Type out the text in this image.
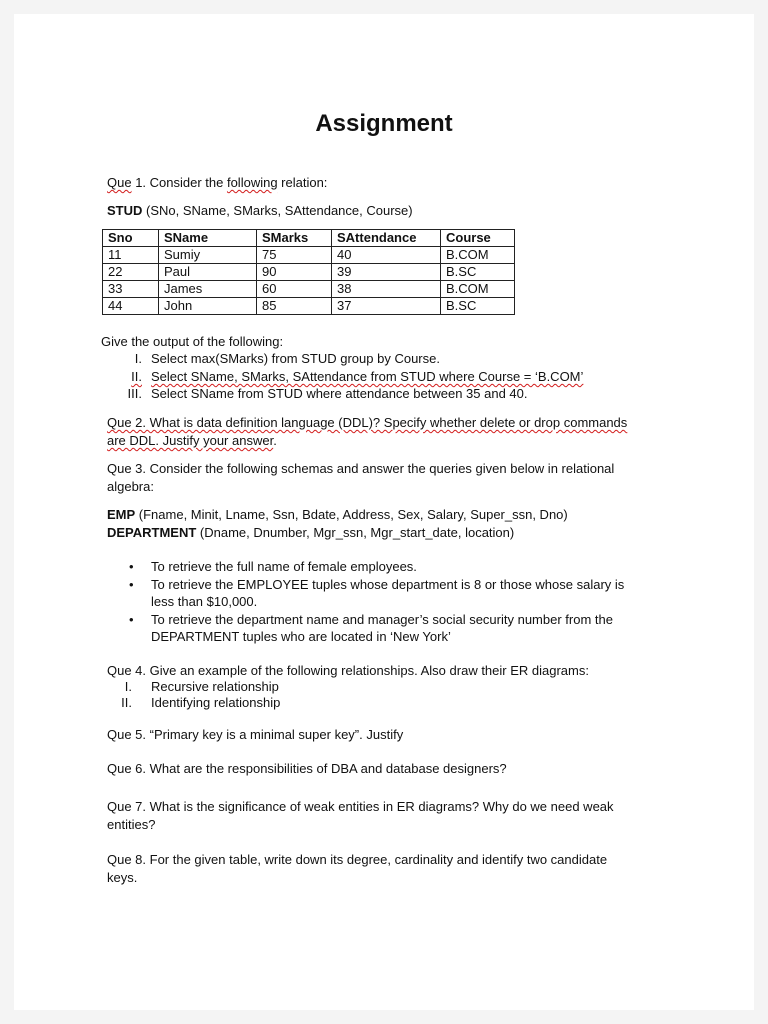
Assignment
Que 1. Consider the following relation:
STUD (SNo, SName, SMarks, SAttendance, Course)
Sno	SName	SMarks	SAttendance	Course
11	Sumiy	75	40	B.COM
22	Paul	90	39	B.SC
33	James	60	38	B.COM
44	John	85	37	B.SC
Give the output of the following:
I. Select max(SMarks) from STUD group by Course.
II. Select SName, SMarks, SAttendance from STUD where Course = ‘B.COM’
III. Select SName from STUD where attendance between 35 and 40.
Que 2. What is data definition language (DDL)? Specify whether delete or drop commands
are DDL. Justify your answer.
Que 3. Consider the following schemas and answer the queries given below in relational
algebra:
EMP (Fname, Minit, Lname, Ssn, Bdate, Address, Sex, Salary, Super_ssn, Dno)
DEPARTMENT (Dname, Dnumber, Mgr_ssn, Mgr_start_date, location)
• To retrieve the full name of female employees.
• To retrieve the EMPLOYEE tuples whose department is 8 or those whose salary is
less than $10,000.
• To retrieve the department name and manager’s social security number from the
DEPARTMENT tuples who are located in ‘New York’
Que 4. Give an example of the following relationships. Also draw their ER diagrams:
I. Recursive relationship
II. Identifying relationship
Que 5. “Primary key is a minimal super key”. Justify
Que 6. What are the responsibilities of DBA and database designers?
Que 7. What is the significance of weak entities in ER diagrams? Why do we need weak
entities?
Que 8. For the given table, write down its degree, cardinality and identify two candidate
keys.
